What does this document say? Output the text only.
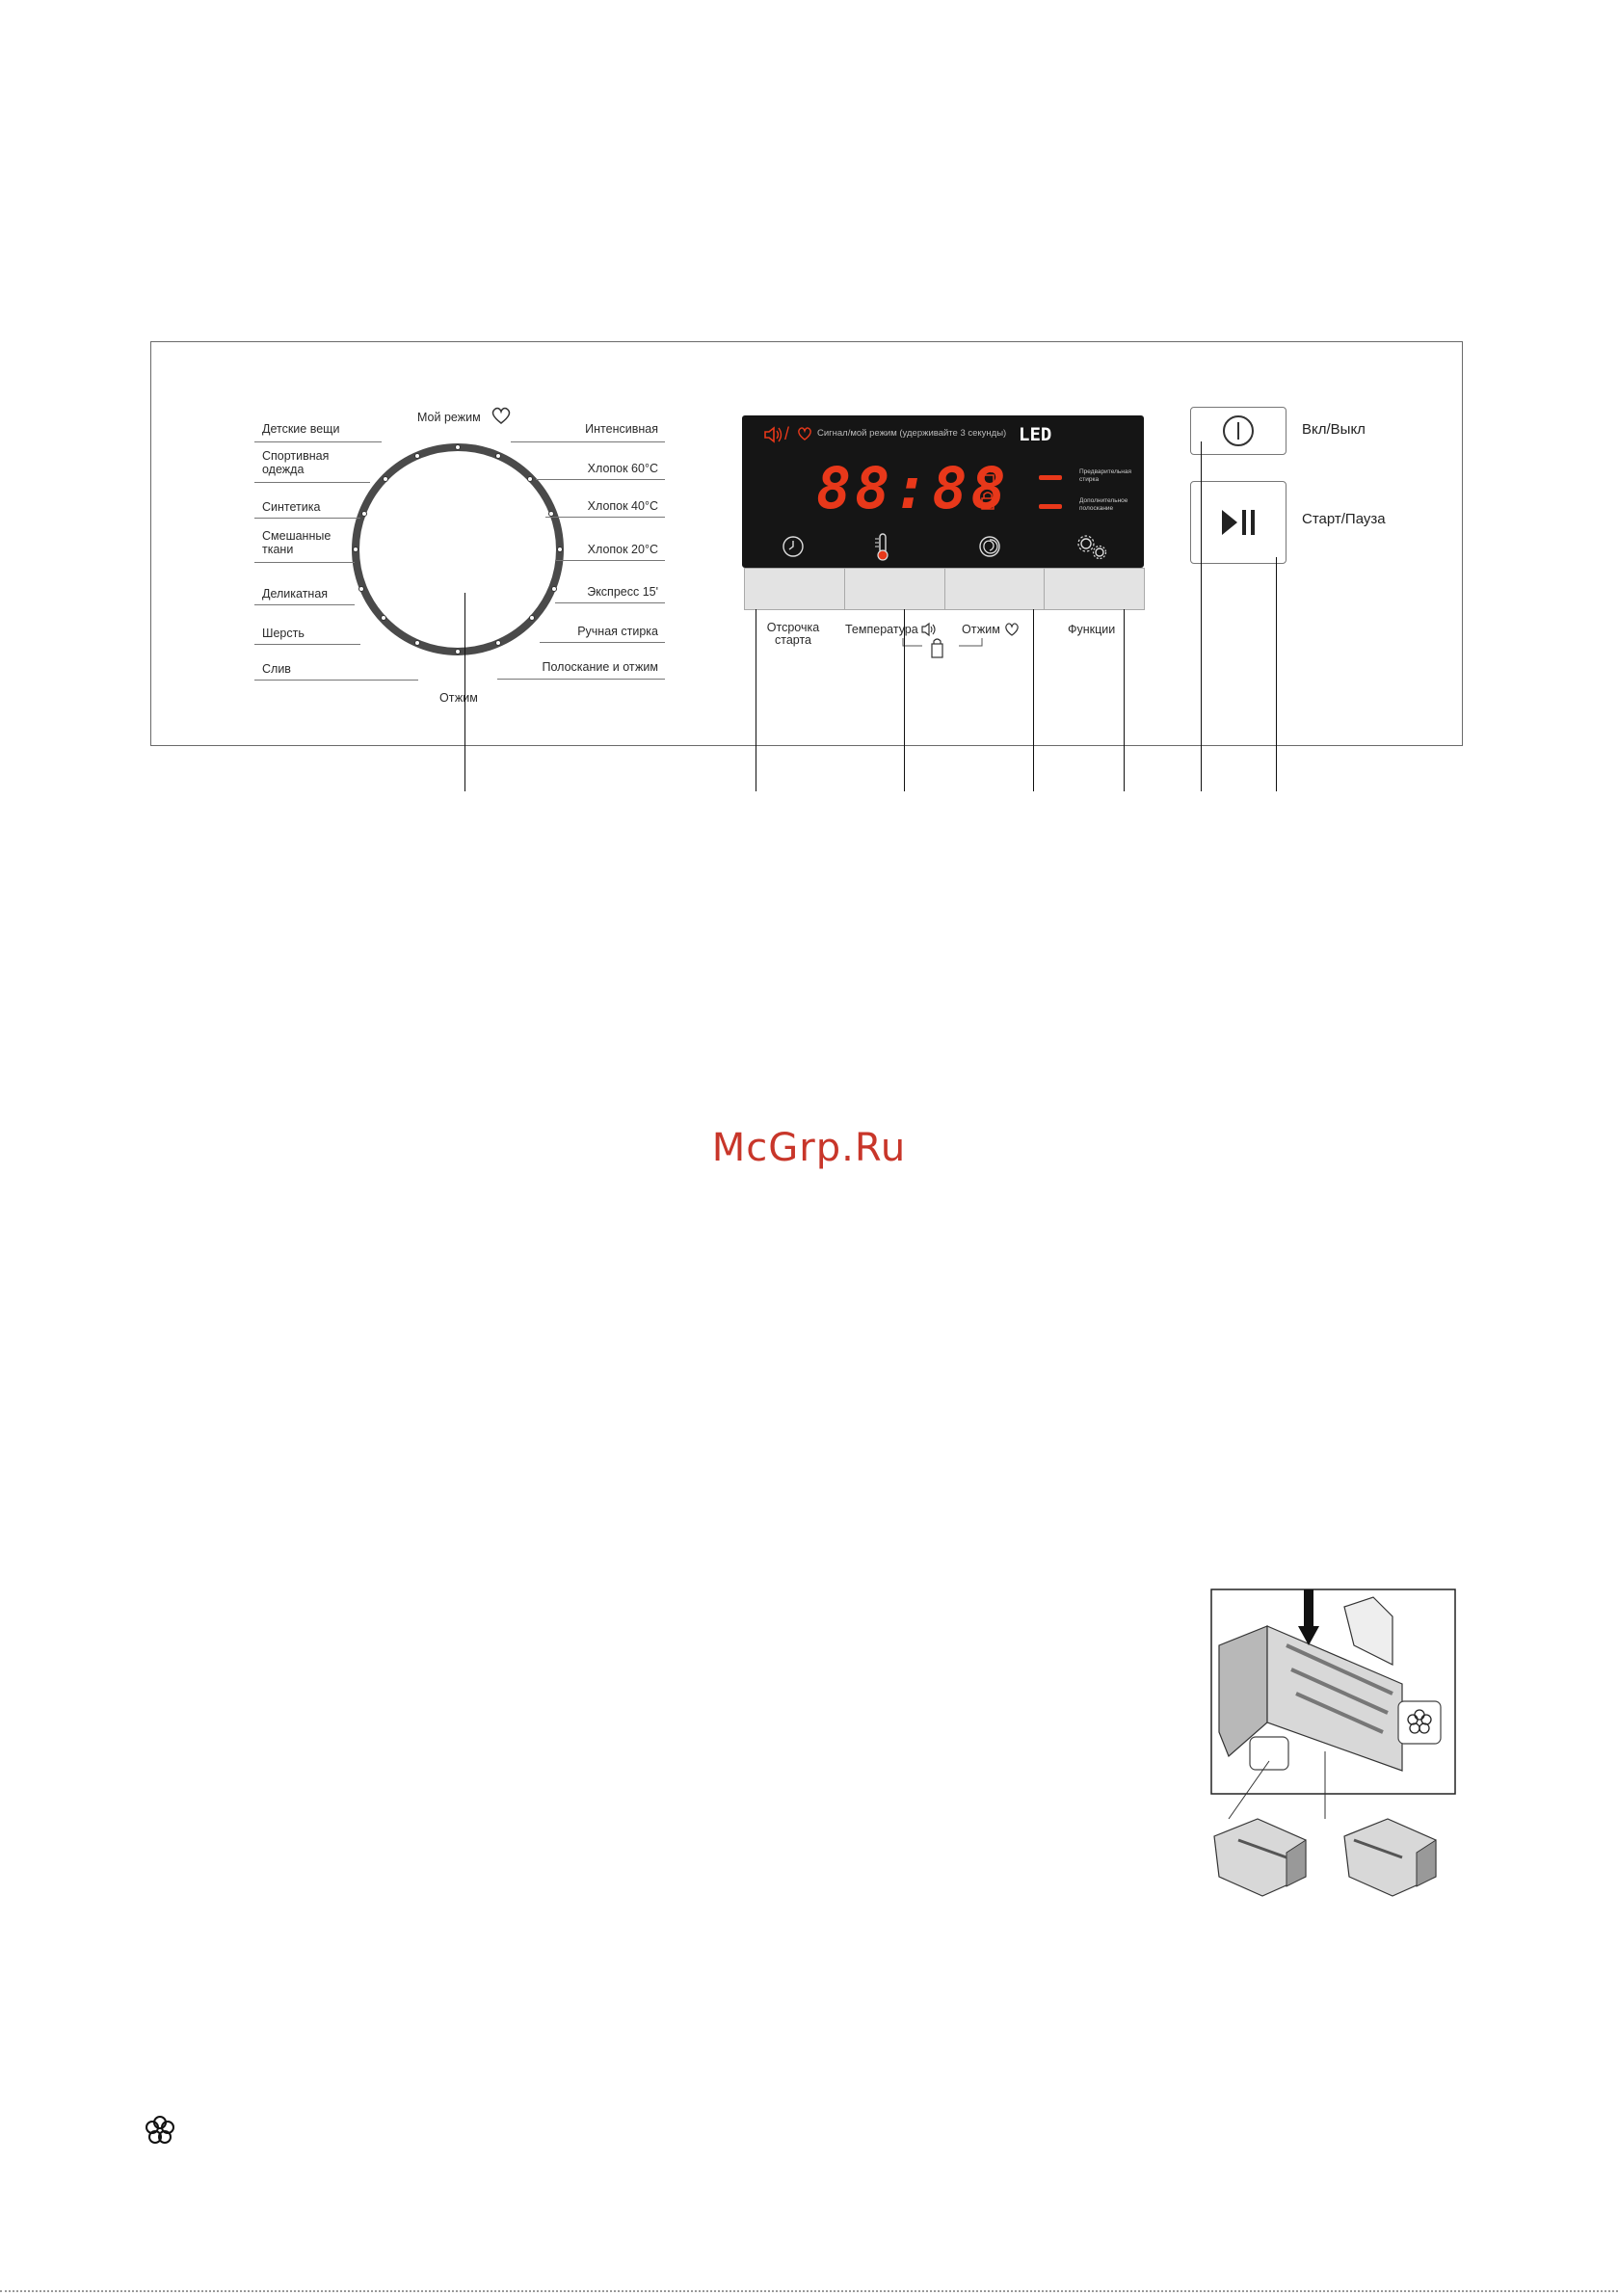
Мой режим
Отжим
Детские вещи
Спортивная
одежда
Синтетика
Смешанные
ткани
Деликатная
Шерсть
Слив
Интенсивная
Хлопок 60°C
Хлопок 40°C
Хлопок 20°C
Экспресс 15'
Ручная стирка
Полоскание и отжим
/	Сигнал/мой режим (удерживайте 3 секунды) LED
88:88	Предварительная стирка
Дополнительное полоскание
Отсрочка
старта
Температура	Отжим	Функции
Вкл/Выкл
Старт/Пауза
McGrp.Ru
